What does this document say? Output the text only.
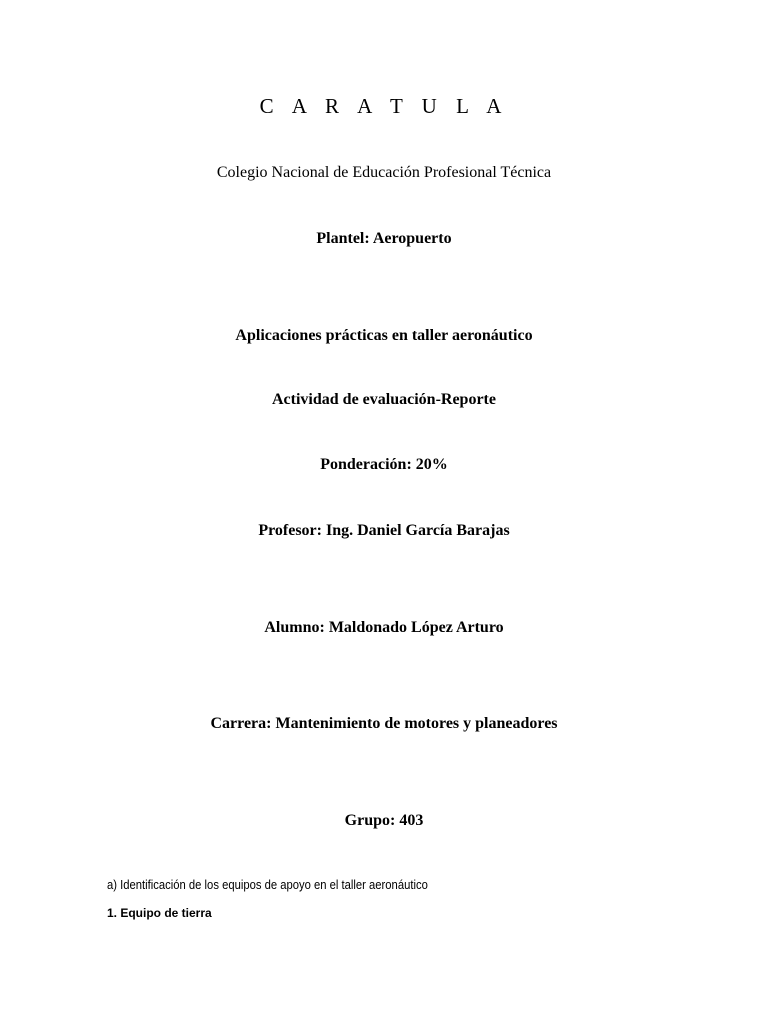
C A R A T U L A
Colegio Nacional de Educación Profesional Técnica
Plantel: Aeropuerto
Aplicaciones prácticas en taller aeronáutico
Actividad de evaluación-Reporte
Ponderación: 20%
Profesor: Ing. Daniel García Barajas
Alumno: Maldonado López Arturo
Carrera: Mantenimiento de motores y planeadores
Grupo: 403
a) Identificación de los equipos de apoyo en el taller aeronáutico
1. Equipo de tierra
